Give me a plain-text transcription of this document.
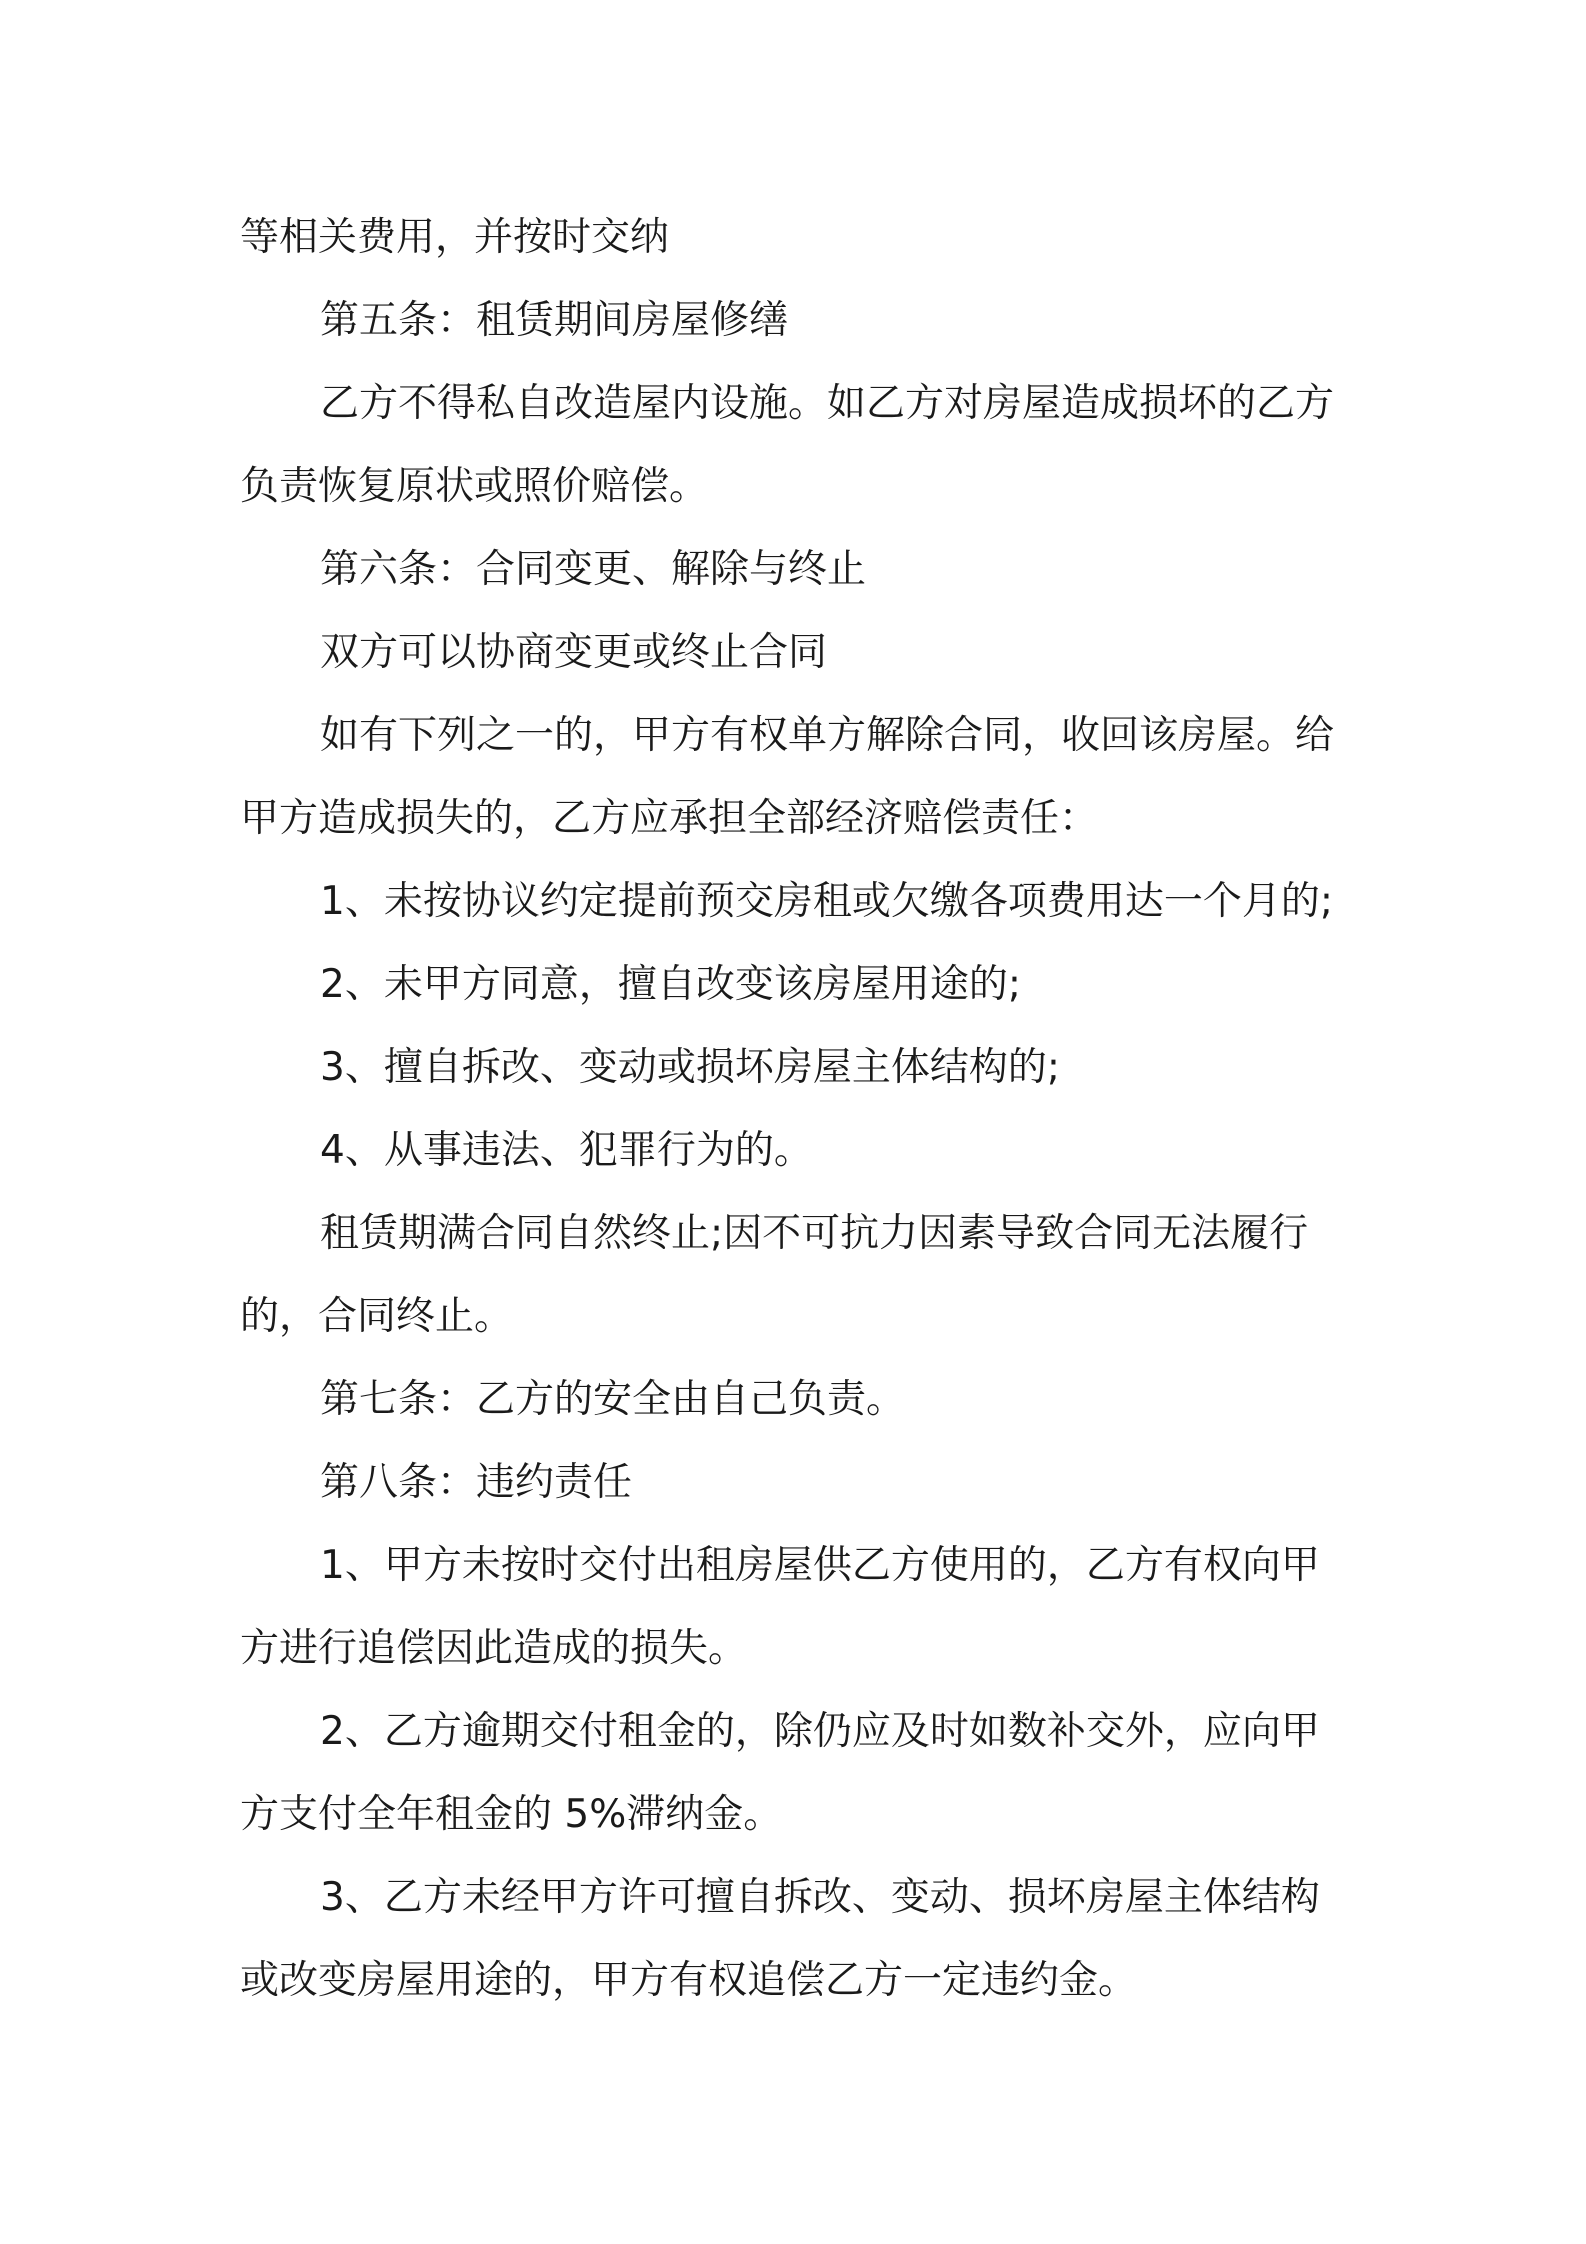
等相关费用，并按时交纳

第五条：租赁期间房屋修缮

乙方不得私自改造屋内设施。如乙方对房屋造成损坏的乙方
负责恢复原状或照价赔偿。

第六条：合同变更、解除与终止

双方可以协商变更或终止合同

如有下列之一的，甲方有权单方解除合同，收回该房屋。给
甲方造成损失的，乙方应承担全部经济赔偿责任：

1、未按协议约定提前预交房租或欠缴各项费用达一个月的;

2、未甲方同意，擅自改变该房屋用途的;

3、擅自拆改、变动或损坏房屋主体结构的;

4、从事违法、犯罪行为的。

租赁期满合同自然终止;因不可抗力因素导致合同无法履行
的，合同终止。

第七条：乙方的安全由自己负责。

第八条：违约责任

1、甲方未按时交付出租房屋供乙方使用的，乙方有权向甲
方进行追偿因此造成的损失。

2、乙方逾期交付租金的，除仍应及时如数补交外，应向甲
方支付全年租金的 5%滞纳金。

3、乙方未经甲方许可擅自拆改、变动、损坏房屋主体结构
或改变房屋用途的，甲方有权追偿乙方一定违约金。
